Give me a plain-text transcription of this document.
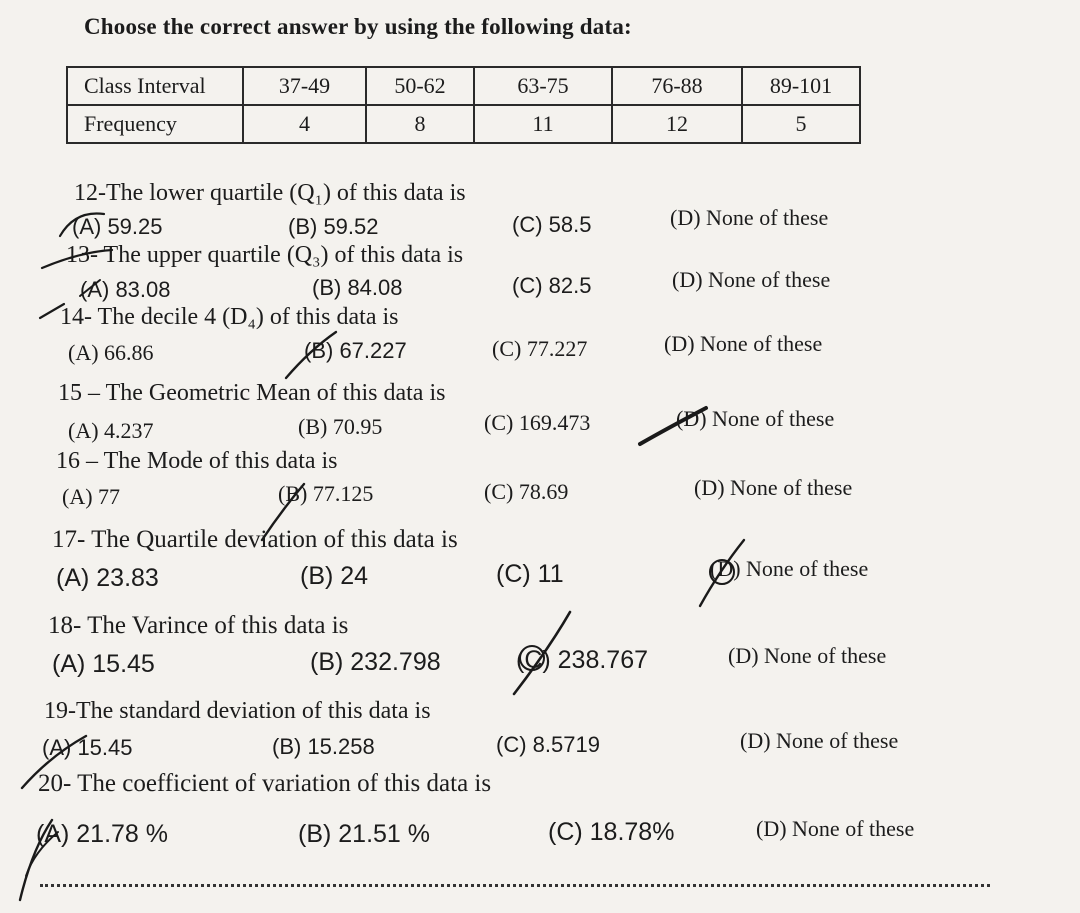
Choose the correct answer by using the following data:
Class Interval	37-49	50-62	63-75	76-88	89-101
Frequency	4	8	11	12	5
12-The lower quartile (Q₁) of this data is
(A) 59.25	(B) 59.52	(C) 58.5	(D) None of these
13- The upper quartile (Q₃) of this data is
(A) 83.08	(B) 84.08	(C) 82.5	(D) None of these
14- The decile 4 (D₄) of this data is
(A) 66.86	(B) 67.227	(C) 77.227	(D) None of these
15 – The Geometric Mean of this data is
(A) 4.237	(B) 70.95	(C) 169.473	(D) None of these
16 – The Mode of this data is
(A) 77	(B) 77.125	(C) 78.69	(D) None of these
17- The Quartile deviation of this data is
(A) 23.83	(B) 24	(C) 11	(D) None of these
18- The Varince of this data is
(A) 15.45	(B) 232.798	(C) 238.767	(D) None of these
19-The standard deviation of this data is
(A) 15.45	(B) 15.258	(C) 8.5719	(D) None of these
20- The coefficient of variation of this data is
(A) 21.78 %	(B) 21.51 %	(C) 18.78%	(D) None of these
